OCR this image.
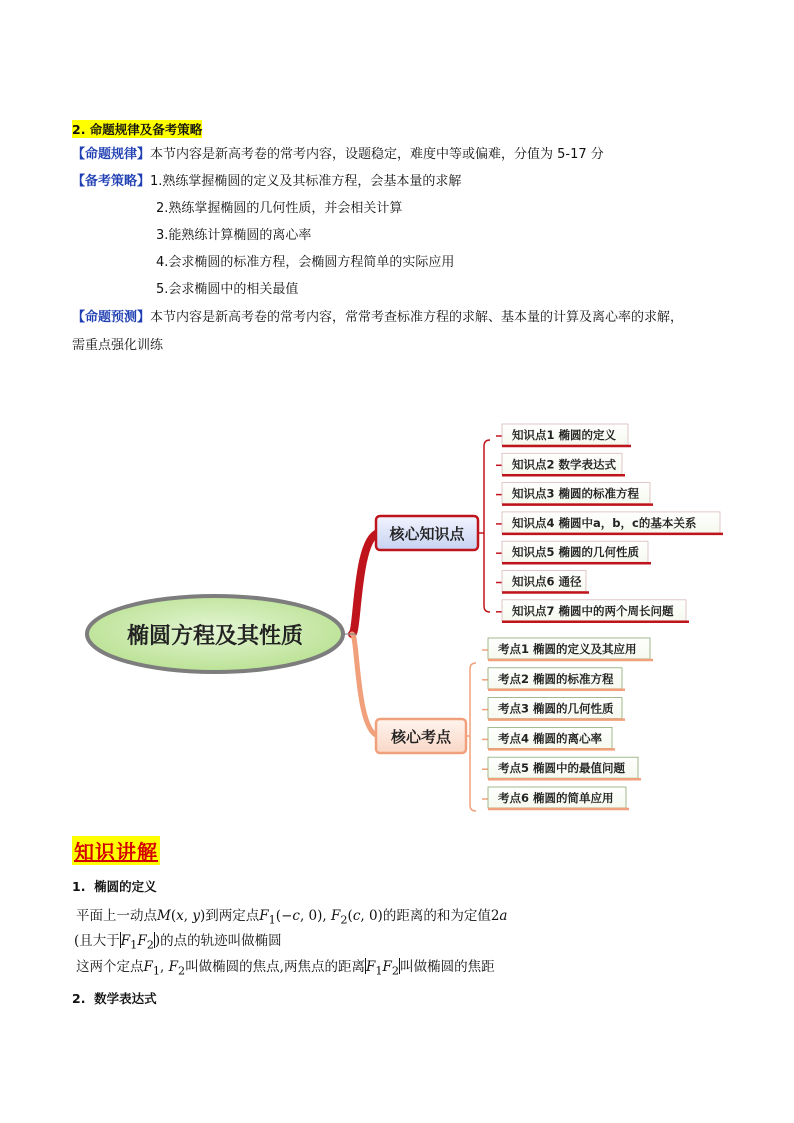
2. 命题规律及备考策略
【命题规律】本节内容是新高考卷的常考内容，设题稳定，难度中等或偏难，分值为 5-17 分
【备考策略】1.熟练掌握椭圆的定义及其标准方程，会基本量的求解
2.熟练掌握椭圆的几何性质，并会相关计算
3.能熟练计算椭圆的离心率
4.会求椭圆的标准方程，会椭圆方程简单的实际应用
5.会求椭圆中的相关最值
【命题预测】本节内容是新高考卷的常考内容，常常考查标准方程的求解、基本量的计算及离心率的求解，
需重点强化训练
椭圆方程及其性质
核心知识点
核心考点
知识点1 椭圆的定义
知识点2 数学表达式
知识点3 椭圆的标准方程
知识点4 椭圆中a，b，c的基本关系
知识点5 椭圆的几何性质
知识点6 通径
知识点7 椭圆中的两个周长问题
考点1 椭圆的定义及其应用
考点2 椭圆的标准方程
考点3 椭圆的几何性质
考点4 椭圆的离心率
考点5 椭圆中的最值问题
考点6 椭圆的简单应用
知识讲解
1.  椭圆的定义
平面上一动点M(x, y)到两定点$F_1(-c$, 0), $F_2(c$, 0)的距离的和为定值2a
(且大于$F_1F_2$)的点的轨迹叫做椭圆
这两个定点$F_1$, $F_2$叫做椭圆的焦点,两焦点的距离$F_1F_2$叫做椭圆的焦距
2.  数学表达式
